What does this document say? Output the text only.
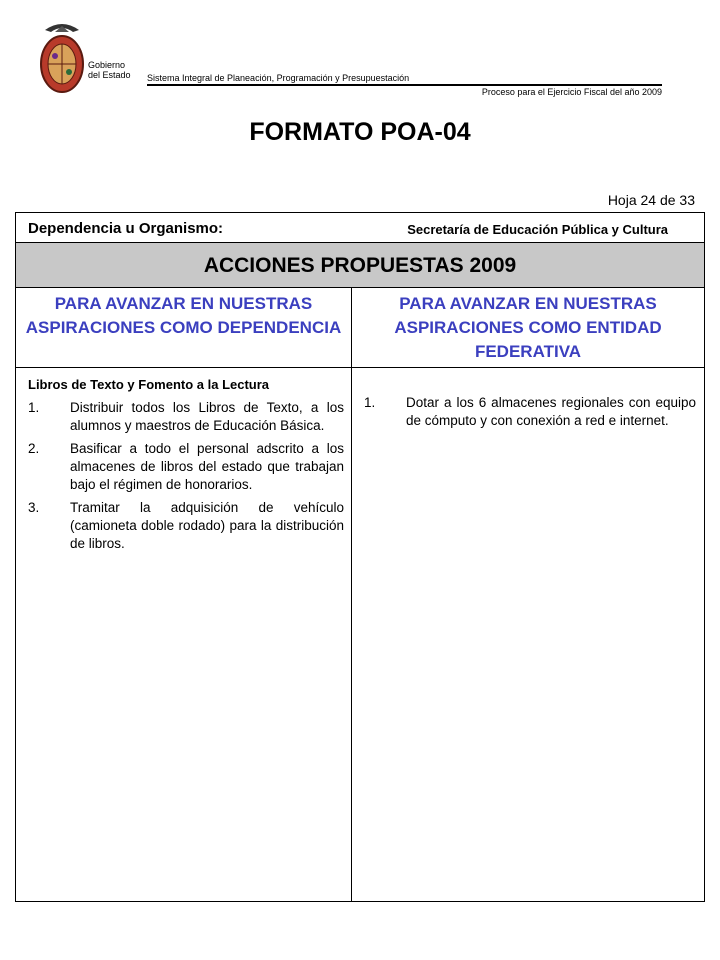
Gobierno
del Estado Sistema Integral de Planeación, Programación y Presupuestación
Proceso para el Ejercicio Fiscal del año 2009
FORMATO POA-04
Hoja 24 de 33
Dependencia u Organismo:	Secretaría de Educación Pública y Cultura
ACCIONES PROPUESTAS 2009
PARA AVANZAR EN NUESTRAS ASPIRACIONES COMO DEPENDENCIA
PARA AVANZAR EN NUESTRAS ASPIRACIONES COMO ENTIDAD FEDERATIVA
Libros de Texto y Fomento a la Lectura
1.	Distribuir todos los Libros de Texto, a los alumnos y maestros de Educación Básica.
2.	Basificar a todo el personal adscrito a los almacenes de libros del estado que trabajan bajo el régimen de honorarios.
3.	Tramitar la adquisición de vehículo (camioneta doble rodado) para la distribución de libros.
1.	Dotar a los 6 almacenes regionales con equipo de cómputo y con conexión a red e internet.
